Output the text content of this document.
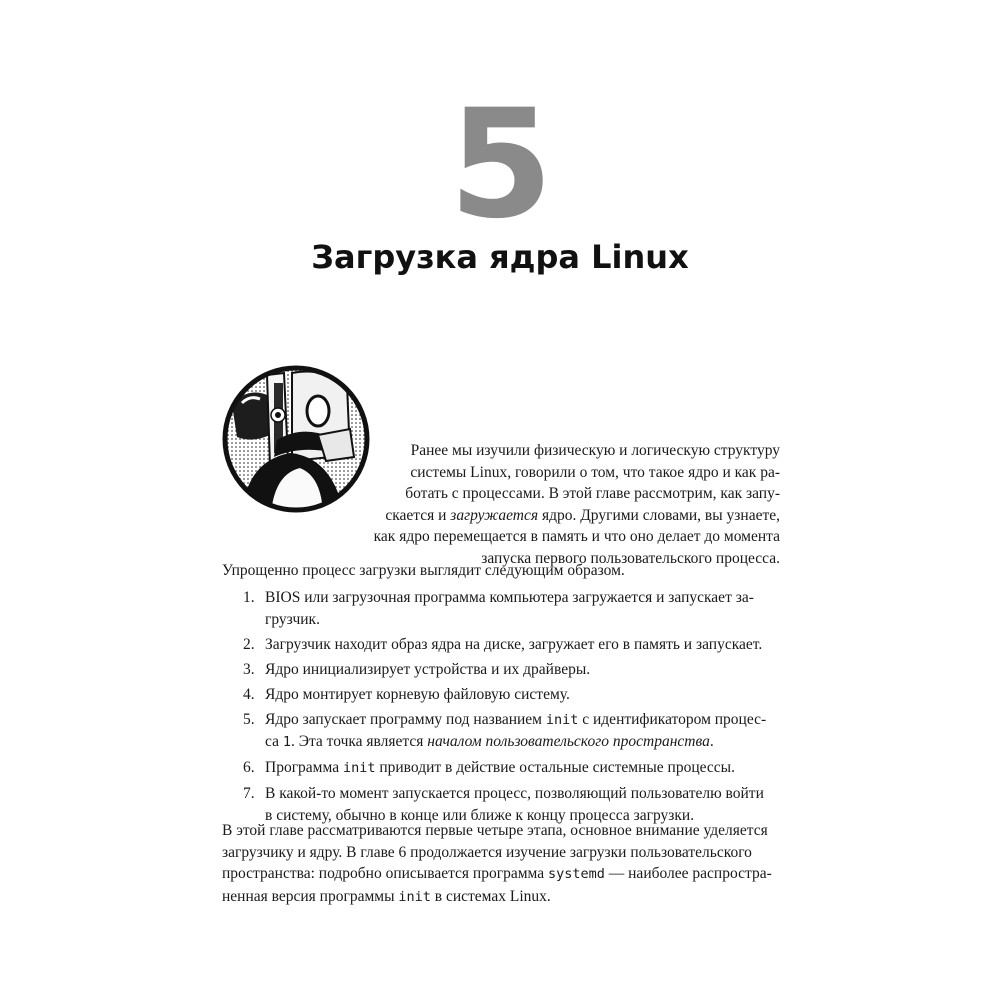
5
Загрузка ядра Linux
Ранее мы изучили физическую и логическую структуру
системы Linux, говорили о том, что такое ядро и как ра-
ботать с процессами. В этой главе рассмотрим, как запу-
скается и загружается ядро. Другими словами, вы узнаете,
как ядро перемещается в память и что оно делает до момента
запуска первого пользовательского процесса.
Упрощенно процесс загрузки выглядит следующим образом.
1. BIOS или загрузочная программа компьютера загружается и запускает за-
грузчик.
2. Загрузчик находит образ ядра на диске, загружает его в память и запускает.
3. Ядро инициализирует устройства и их драйверы.
4. Ядро монтирует корневую файловую систему.
5. Ядро запускает программу под названием init с идентификатором процес-
са 1. Эта точка является началом пользовательского пространства.
6. Программа init приводит в действие остальные системные процессы.
7. В какой-то момент запускается процесс, позволяющий пользователю войти
в систему, обычно в конце или ближе к концу процесса загрузки.
В этой главе рассматриваются первые четыре этапа, основное внимание уделяется
загрузчику и ядру. В главе 6 продолжается изучение загрузки пользовательского
пространства: подробно описывается программа systemd — наиболее распростра-
ненная версия программы init в системах Linux.
